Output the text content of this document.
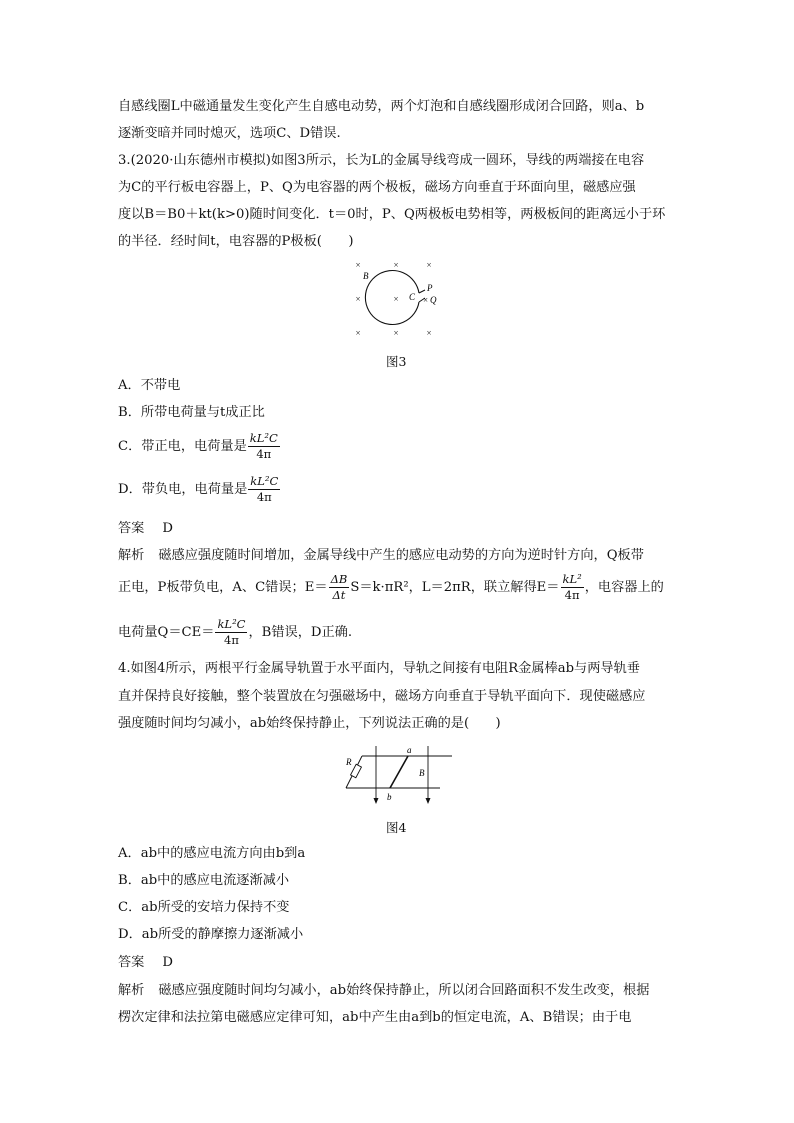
自感线圈L中磁通量发生变化产生自感电动势，两个灯泡和自感线圈形成闭合回路，则a、b
逐渐变暗并同时熄灭，选项C、D错误.
3.(2020·山东德州市模拟)如图3所示，长为L的金属导线弯成一圆环，导线的两端接在电容
为C的平行板电容器上，P、Q为电容器的两个极板，磁场方向垂直于环面向里，磁感应强
度以B＝B0＋kt(k>0)随时间变化．t＝0时，P、Q两极板电势相等，两极板间的距离远小于环
的半径．经时间t，电容器的P极板(　　)
×	×	×
×	×
×	×	×
B
C
P
× Q
图3
A．不带电
B．所带电荷量与t成正比
C．带正电，电荷量是 $\frac{\text{kL²C}}{4\pi}$
D．带负电，电荷量是 $\frac{\text{kL²C}}{4\pi}$
答案 D
解析 磁感应强度随时间增加，金属导线中产生的感应电动势的方向为逆时针方向，Q板带
正电，P板带负电，A、C错误；$E= \frac{\Delta B}{\Delta t} S=k\cdot\pi R^2$，L＝2πR，联立解得$E= \frac{\text{kL²}}{4\pi}$ ，电容器上的
电荷量$Q=CE= \frac{\text{kL²C}}{4\pi}$ ，B错误，D正确.
4.如图4所示，两根平行金属导轨置于水平面内，导轨之间接有电阻R金属棒ab与两导轨垂
直并保持良好接触，整个装置放在匀强磁场中，磁场方向垂直于导轨平面向下．现使磁感应
强度随时间均匀减小，ab始终保持静止，下列说法正确的是(　　)
R
a
b
B
图4
A．ab中的感应电流方向由b到a
B．ab中的感应电流逐渐减小
C．ab所受的安培力保持不变
D．ab所受的静摩擦力逐渐减小
答案 D
解析 磁感应强度随时间均匀减小，ab始终保持静止，所以闭合回路面积不发生改变，根据
楞次定律和法拉第电磁感应定律可知，ab中产生由a到b的恒定电流，A、B错误；由于电
